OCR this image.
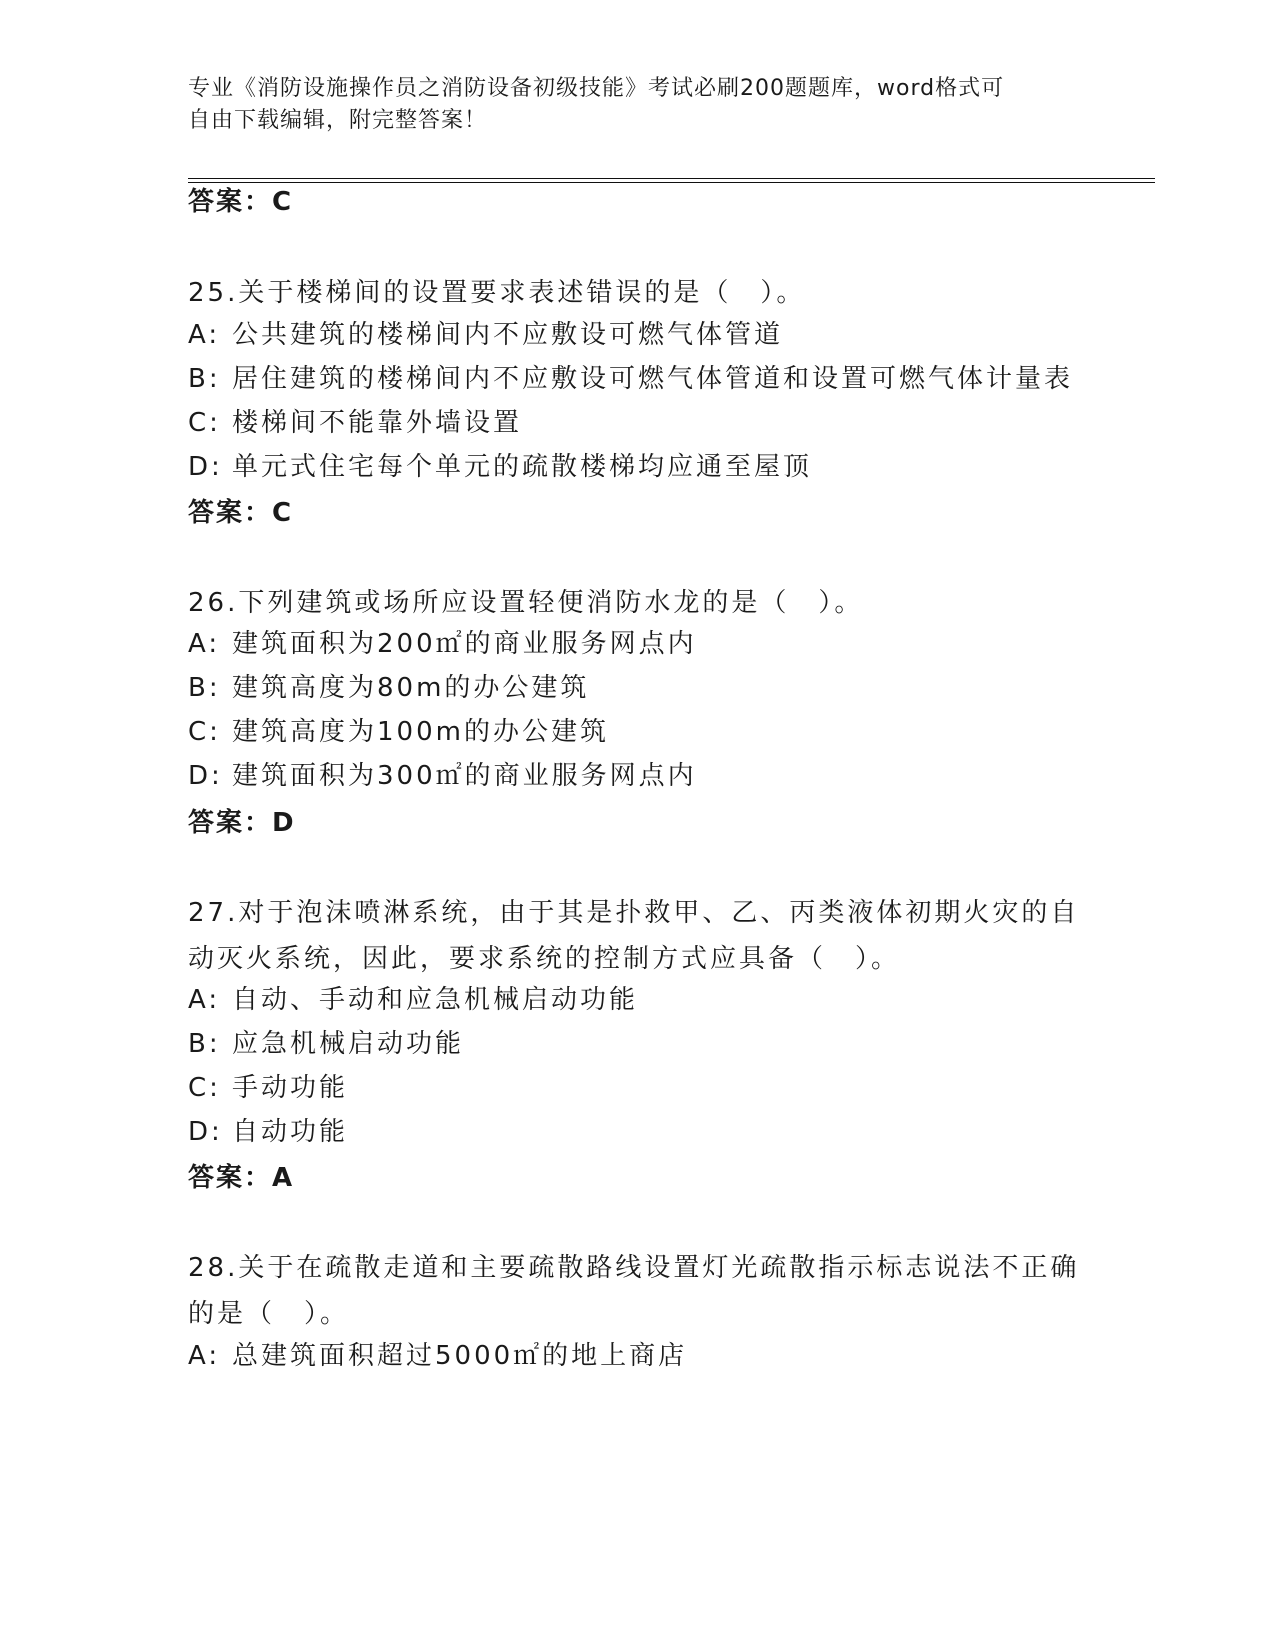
专业《消防设施操作员之消防设备初级技能》考试必刷200题题库，word格式可
自由下载编辑，附完整答案！
答案：C
25.关于楼梯间的设置要求表述错误的是（　）。
A: 公共建筑的楼梯间内不应敷设可燃气体管道
B: 居住建筑的楼梯间内不应敷设可燃气体管道和设置可燃气体计量表
C: 楼梯间不能靠外墙设置
D: 单元式住宅每个单元的疏散楼梯均应通至屋顶
答案：C
26.下列建筑或场所应设置轻便消防水龙的是（　）。
A: 建筑面积为200㎡的商业服务网点内
B: 建筑高度为80m的办公建筑
C: 建筑高度为100m的办公建筑
D: 建筑面积为300㎡的商业服务网点内
答案：D
27.对于泡沫喷淋系统，由于其是扑救甲、乙、丙类液体初期火灾的自
动灭火系统，因此，要求系统的控制方式应具备（　）。
A: 自动、手动和应急机械启动功能
B: 应急机械启动功能
C: 手动功能
D: 自动功能
答案：A
28.关于在疏散走道和主要疏散路线设置灯光疏散指示标志说法不正确
的是（　）。
A: 总建筑面积超过5000㎡的地上商店
